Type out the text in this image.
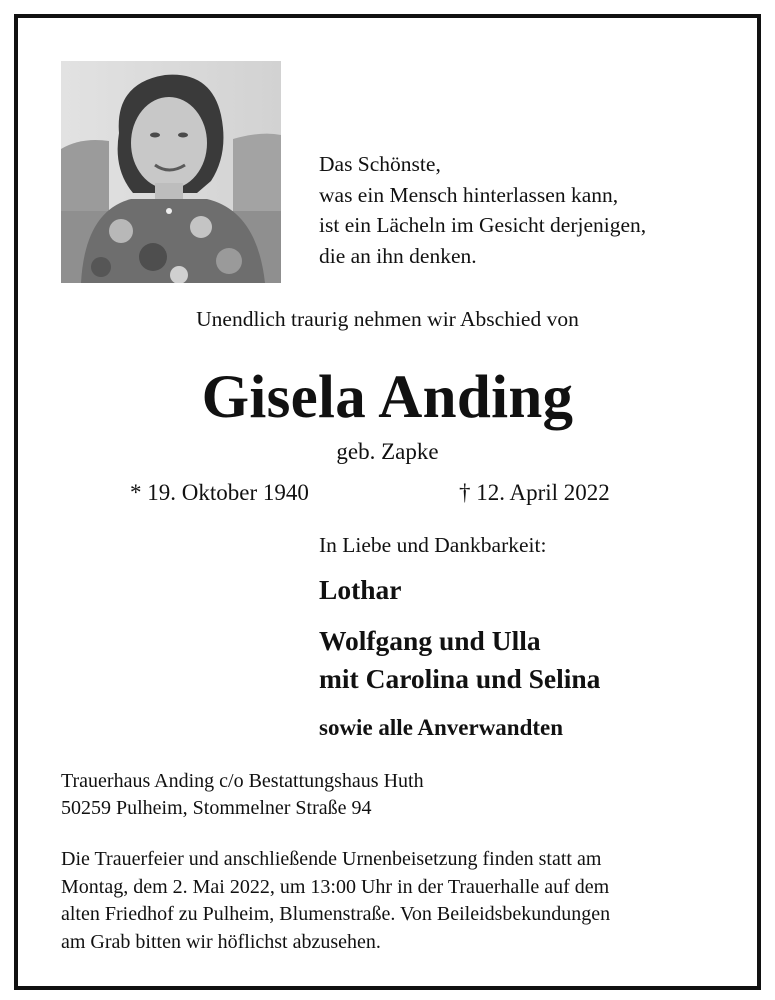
Das Schönste,
was ein Mensch hinterlassen kann,
ist ein Lächeln im Gesicht derjenigen,
die an ihn denken.
Unendlich traurig nehmen wir Abschied von
Gisela Anding
geb. Zapke
* 19. Oktober 1940	† 12. April 2022
In Liebe und Dankbarkeit:
Lothar
Wolfgang und Ulla
mit Carolina und Selina
sowie alle Anverwandten
Trauerhaus Anding c/o Bestattungshaus Huth
50259 Pulheim, Stommelner Straße 94
Die Trauerfeier und anschließende Urnenbeisetzung finden statt am
Montag, dem 2. Mai 2022, um 13:00 Uhr in der Trauerhalle auf dem
alten Friedhof zu Pulheim, Blumenstraße. Von Beileidsbekundungen
am Grab bitten wir höflichst abzusehen.
